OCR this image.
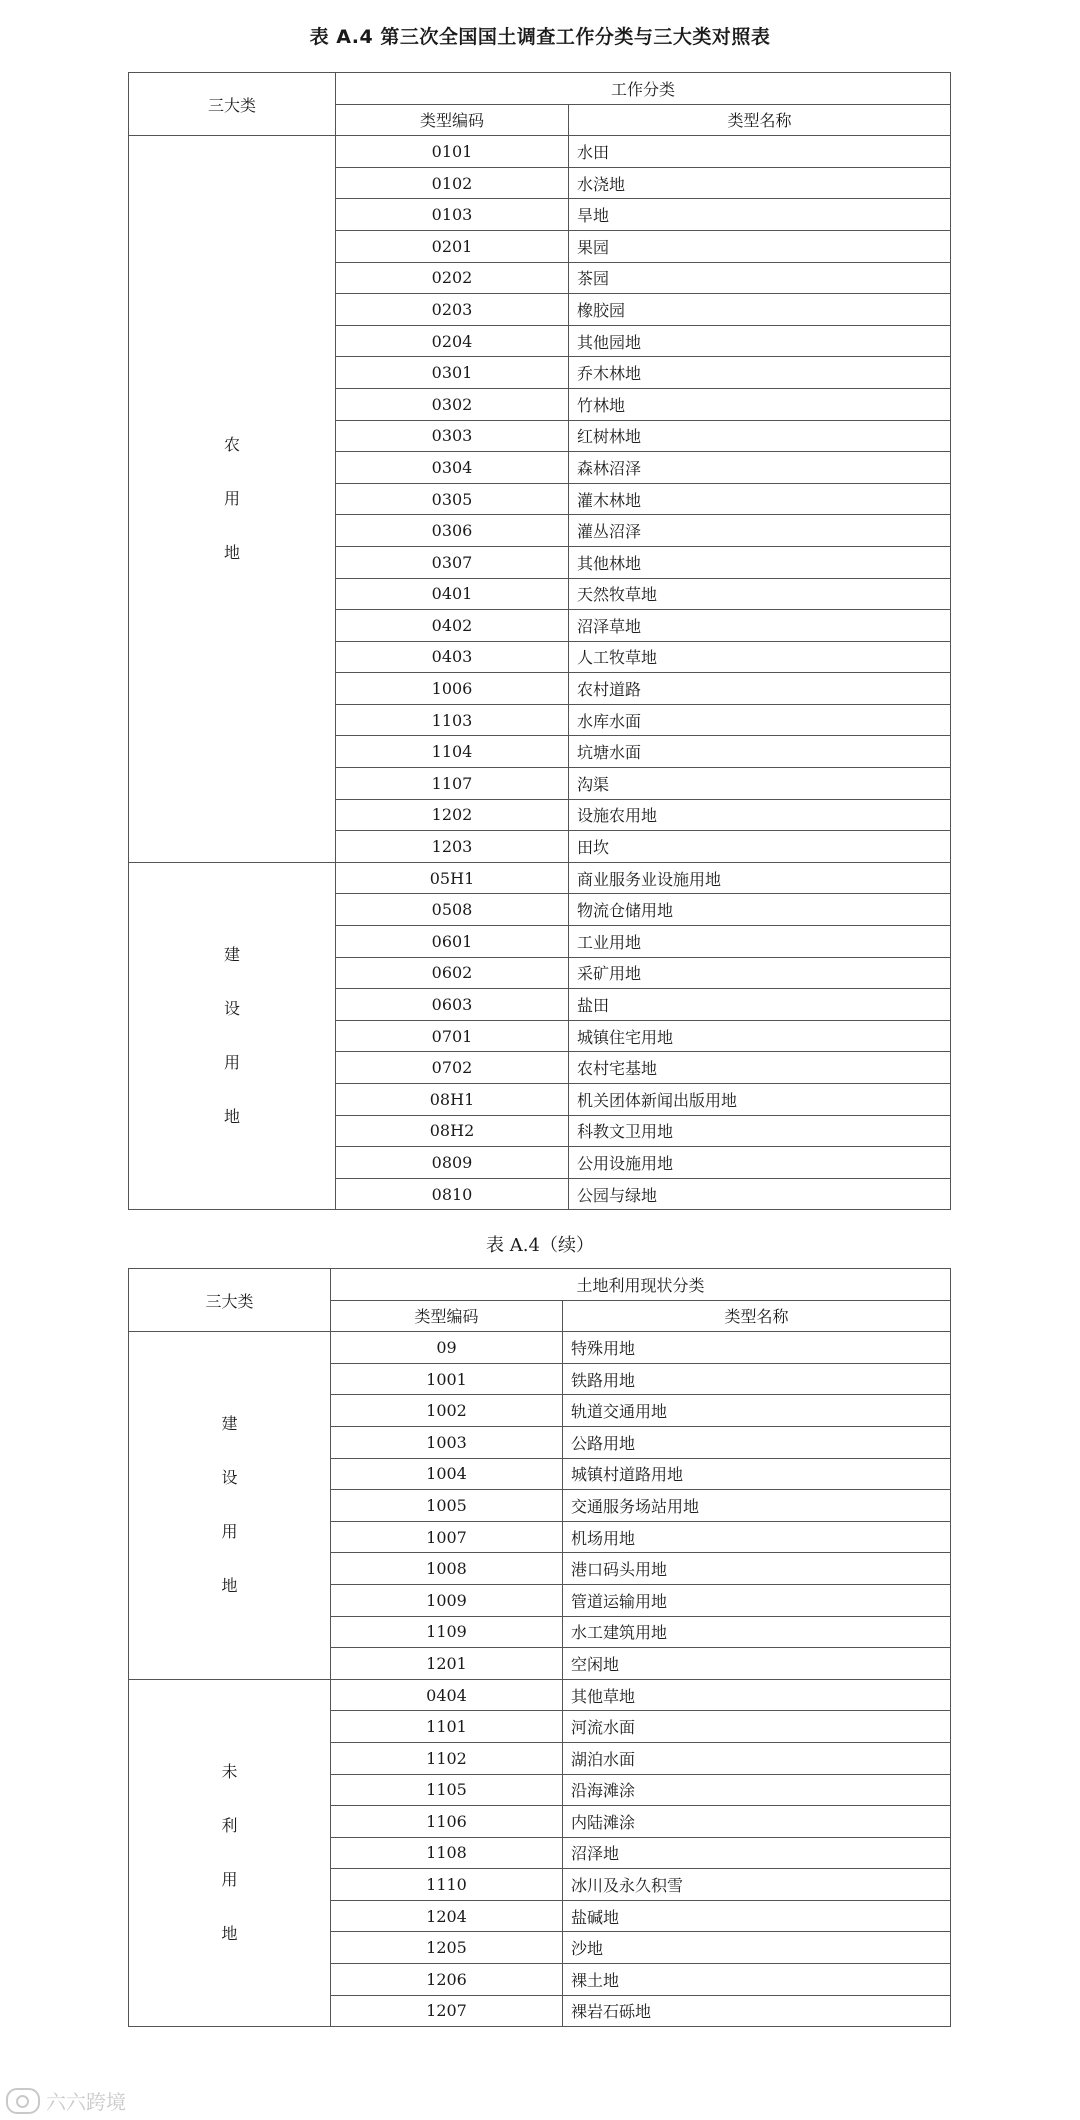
表 A.4 第三次全国国土调查工作分类与三大类对照表
三大类	工作分类	
	类型编码	类型名称

农
用
地	0101	水田
	0102	水浇地
	0103	旱地
	0201	果园
	0202	茶园
	0203	橡胶园
	0204	其他园地
	0301	乔木林地
	0302	竹林地
	0303	红树林地
	0304	森林沼泽
	0305	灌木林地
	0306	灌丛沼泽
	0307	其他林地
	0401	天然牧草地
	0402	沼泽草地
	0403	人工牧草地
	1006	农村道路
	1103	水库水面
	1104	坑塘水面
	1107	沟渠
	1202	设施农用地
	1203	田坎

建
设
用
地	05H1	商业服务业设施用地
	0508	物流仓储用地
	0601	工业用地
	0602	采矿用地
	0603	盐田
	0701	城镇住宅用地
	0702	农村宅基地
	08H1	机关团体新闻出版用地
	08H2	科教文卫用地
	0809	公用设施用地
	0810	公园与绿地
表 A.4（续）
三大类	土地利用现状分类	
	类型编码	类型名称

建
设
用
地	09	特殊用地
	1001	铁路用地
	1002	轨道交通用地
	1003	公路用地
	1004	城镇村道路用地
	1005	交通服务场站用地
	1007	机场用地
	1008	港口码头用地
	1009	管道运输用地
	1109	水工建筑用地
	1201	空闲地

未
利
用
地	0404	其他草地
	1101	河流水面
	1102	湖泊水面
	1105	沿海滩涂
	1106	内陆滩涂
	1108	沼泽地
	1110	冰川及永久积雪
	1204	盐碱地
	1205	沙地
	1206	裸土地
	1207	裸岩石砾地
六六跨境
